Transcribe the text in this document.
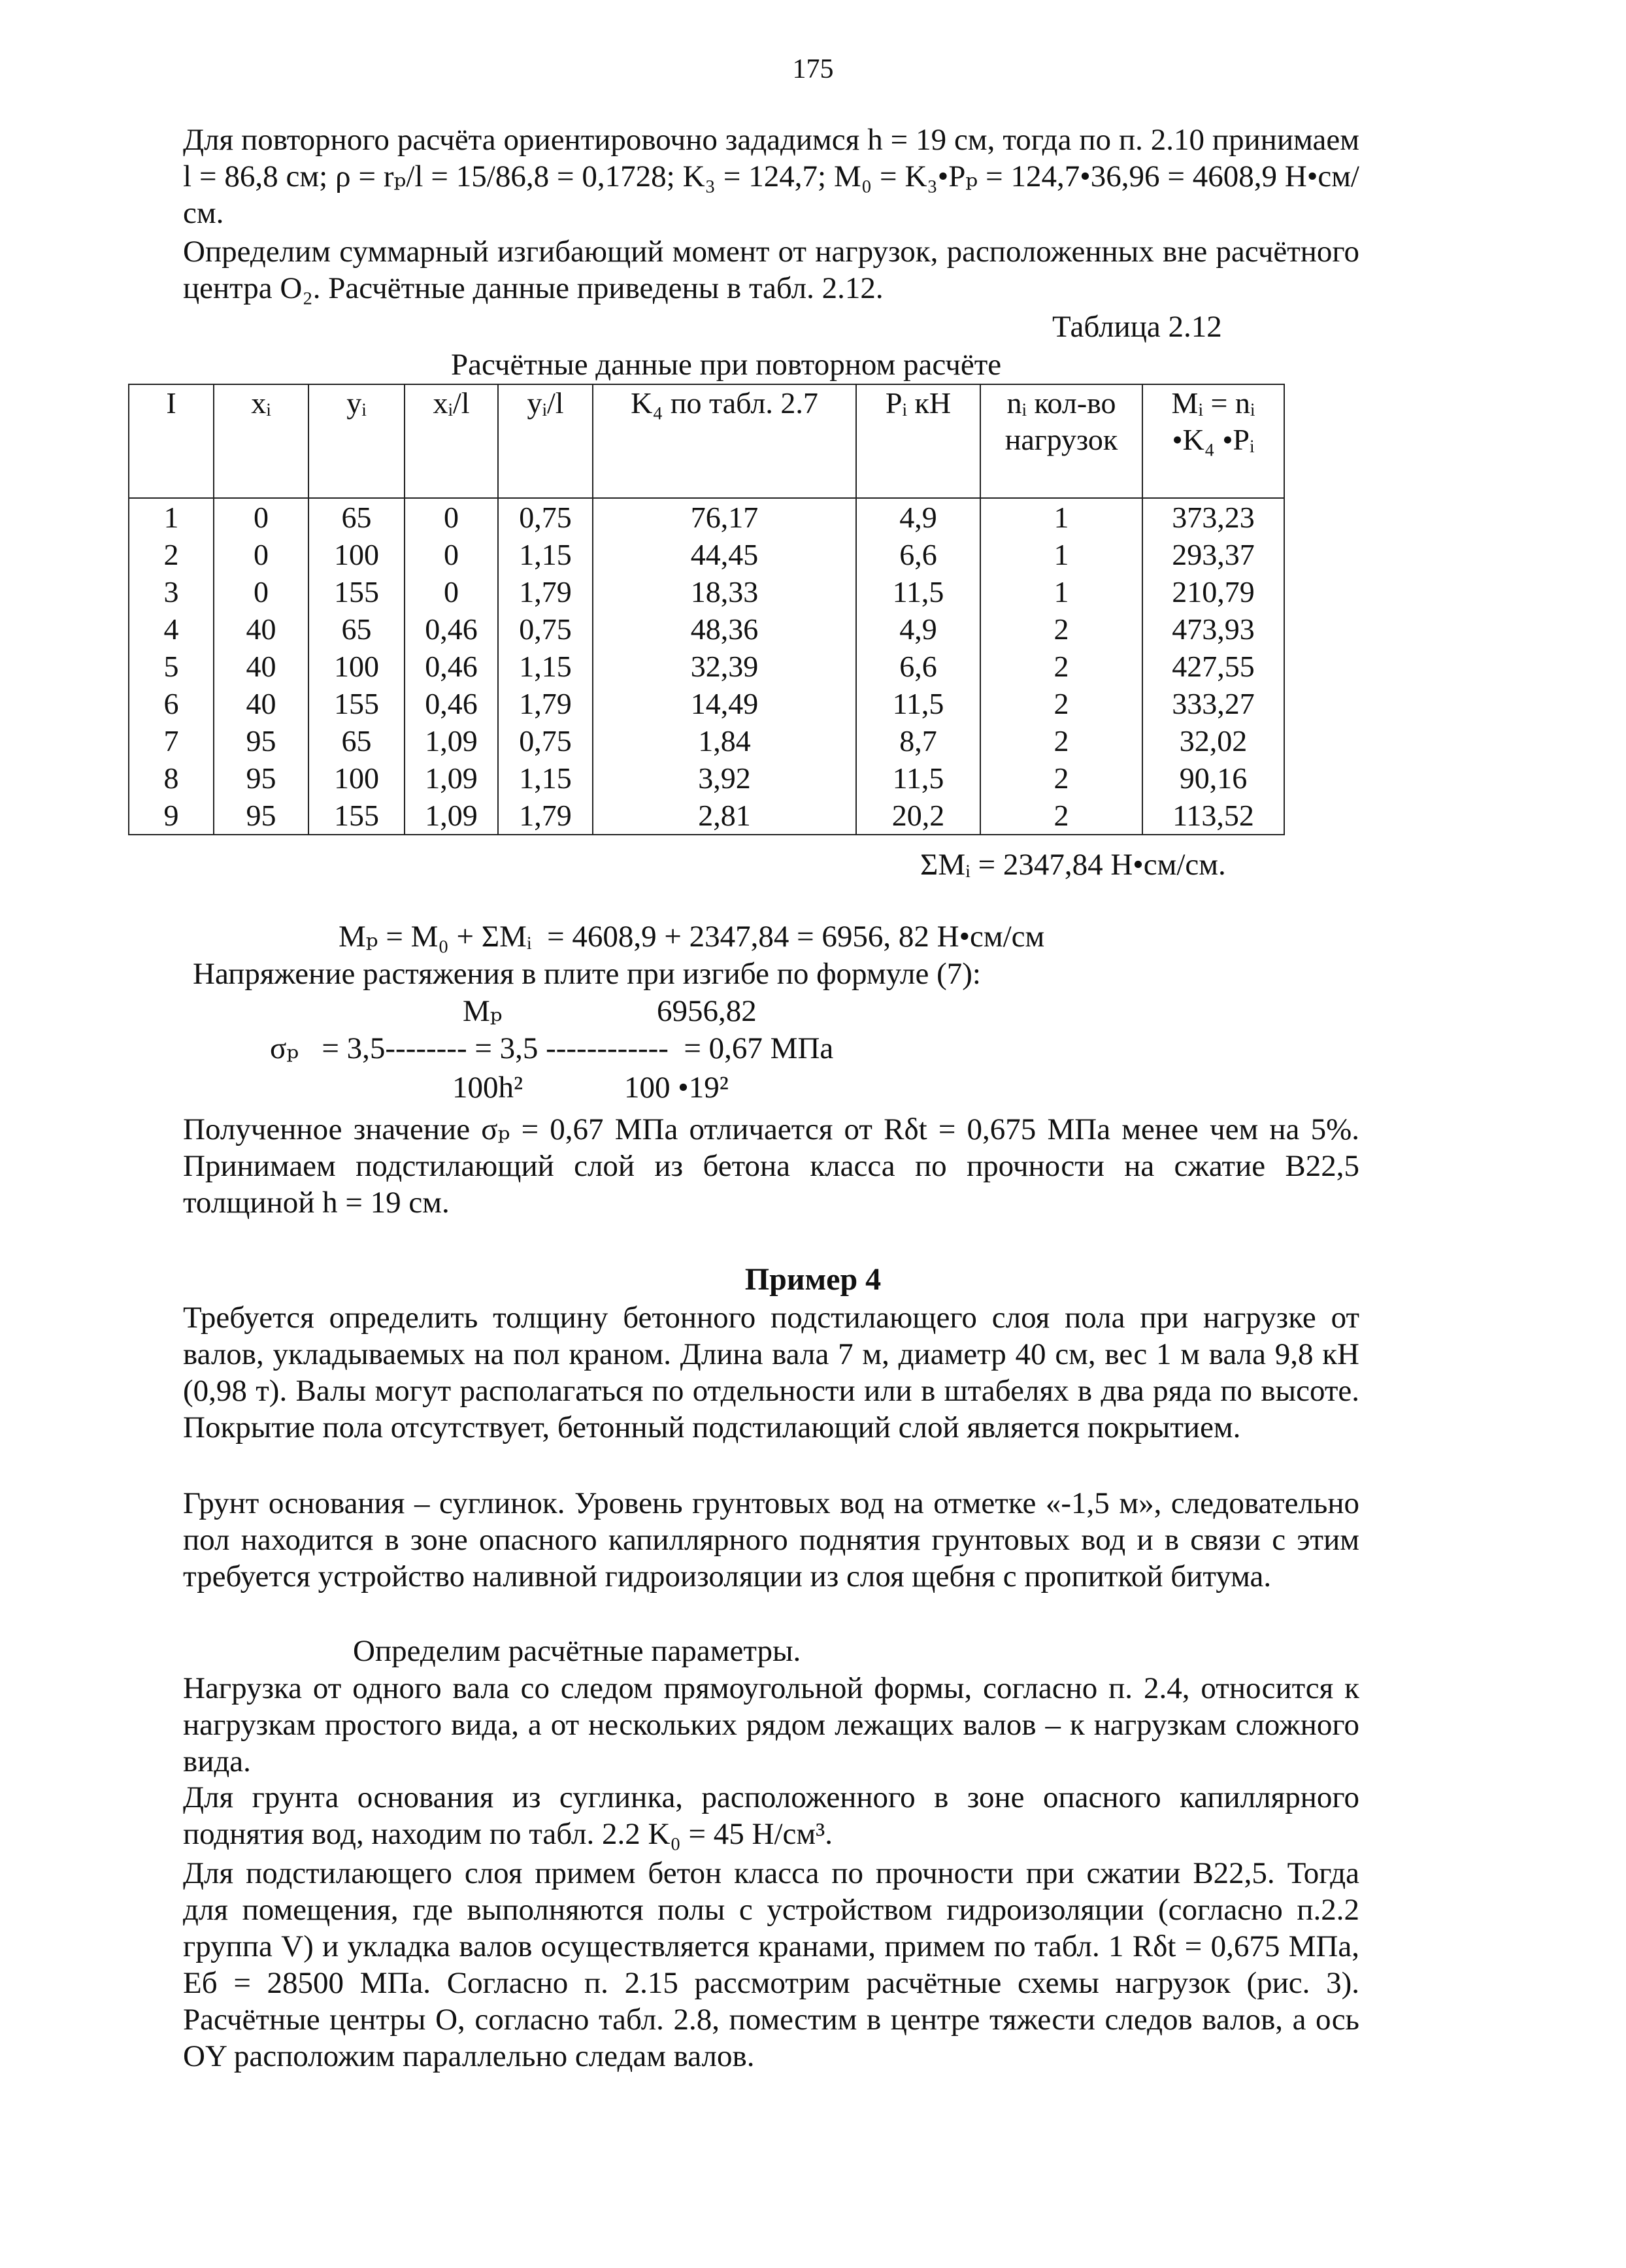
175

Для повторного расчёта ориентировочно зададимся h = 19 см, тогда по п. 2.10 принимаем l = 86,8 см; ρ = rₚ/l = 15/86,8 = 0,1728; K₃ = 124,7; M₀ = K₃•Pₚ = 124,7•36,96 = 4608,9 Н•см/см.

Определим суммарный изгибающий момент от нагрузок, расположенных вне расчётного центра O₂. Расчётные данные приведены в табл. 2.12.

Таблица 2.12
Расчётные данные при повторном расчёте
I	xᵢ	yᵢ	xᵢ/l	yᵢ/l	K₄ по табл. 2.7	Pᵢ кН	nᵢ кол-во нагрузок	Mᵢ = nᵢ •K₄ •Pᵢ
1	0	65	0	0,75	76,17	4,9	1	373,23
2	0	100	0	1,15	44,45	6,6	1	293,37
3	0	155	0	1,79	18,33	11,5	1	210,79
4	40	65	0,46	0,75	48,36	4,9	2	473,93
5	40	100	0,46	1,15	32,39	6,6	2	427,55
6	40	155	0,46	1,79	14,49	11,5	2	333,27
7	95	65	1,09	0,75	1,84	8,7	2	32,02
8	95	100	1,09	1,15	3,92	11,5	2	90,16
9	95	155	1,09	1,79	2,81	20,2	2	113,52
ΣMᵢ = 2347,84 Н•см/см.
Mₚ = M₀ + ΣMᵢ  = 4608,9 + 2347,84 = 6956, 82 Н•см/см
Напряжение растяжения в плите при изгибе по формуле (7):
Mₚ	6956,82
σₚ   = 3,5-------- = 3,5 ------------  = 0,67 МПа
100h²	100 •19²

Полученное значение σₚ = 0,67 МПа отличается от Rδt = 0,675 МПа менее чем на 5%. Принимаем подстилающий слой из бетона класса по прочности на сжатие B22,5 толщиной h = 19 см.

Пример 4

Требуется определить толщину бетонного подстилающего слоя пола при нагрузке от валов, укладываемых на пол краном. Длина вала 7 м, диаметр 40 см, вес 1 м вала 9,8 кН (0,98 т). Валы могут располагаться по отдельности или в штабелях в два ряда по высоте. Покрытие пола отсутствует, бетонный подстилающий слой является покрытием.

Грунт основания – суглинок. Уровень грунтовых вод на отметке «-1,5 м», следовательно пол находится в зоне опасного капиллярного поднятия грунтовых вод и в связи с этим требуется устройство наливной гидроизоляции из слоя щебня с пропиткой битума.

Определим расчётные параметры.

Нагрузка от одного вала со следом прямоугольной формы, согласно п. 2.4, относится к нагрузкам простого вида, а от нескольких рядом лежащих валов – к нагрузкам сложного вида.

Для грунта основания из суглинка, расположенного в зоне опасного капиллярного поднятия вод, находим по табл. 2.2 K₀ = 45 Н/см³.

Для подстилающего слоя примем бетон класса по прочности при сжатии B22,5. Тогда для помещения, где выполняются полы с устройством гидроизоляции (согласно п.2.2 группа V) и укладка валов осуществляется кранами, примем по табл. 1 Rδt = 0,675 МПа, Eб = 28500 МПа. Согласно п. 2.15 рассмотрим расчётные схемы нагрузок (рис. 3). Расчётные центры O, согласно табл. 2.8, поместим в центре тяжести следов валов, а ось OY расположим параллельно следам валов.
